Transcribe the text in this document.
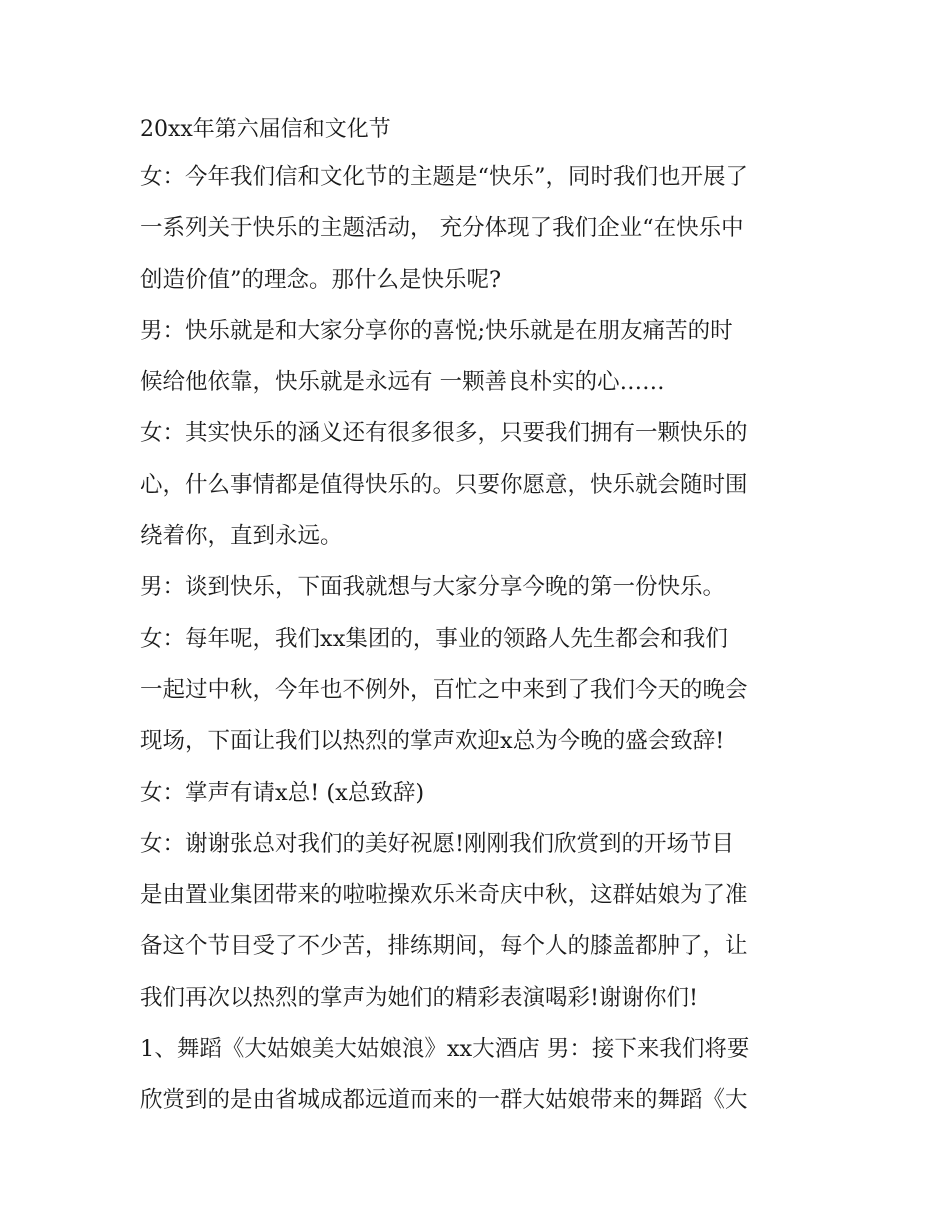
20xx年第六届信和文化节
女：今年我们信和文化节的主题是“快乐”，同时我们也开展了
一系列关于快乐的主题活动， 充分体现了我们企业“在快乐中
创造价值”的理念。那什么是快乐呢?
男：快乐就是和大家分享你的喜悦;快乐就是在朋友痛苦的时
候给他依靠，快乐就是永远有 一颗善良朴实的心……
女：其实快乐的涵义还有很多很多，只要我们拥有一颗快乐的
心，什么事情都是值得快乐的。只要你愿意，快乐就会随时围
绕着你，直到永远。
男：谈到快乐，下面我就想与大家分享今晚的第一份快乐。
女：每年呢，我们xx集团的，事业的领路人先生都会和我们
一起过中秋，今年也不例外，百忙之中来到了我们今天的晚会
现场，下面让我们以热烈的掌声欢迎x总为今晚的盛会致辞!
女：掌声有请x总! (x总致辞)
女：谢谢张总对我们的美好祝愿!刚刚我们欣赏到的开场节目
是由置业集团带来的啦啦操欢乐米奇庆中秋，这群姑娘为了准
备这个节目受了不少苦，排练期间，每个人的膝盖都肿了，让
我们再次以热烈的掌声为她们的精彩表演喝彩!谢谢你们!
1、舞蹈《大姑娘美大姑娘浪》xx大酒店 男：接下来我们将要
欣赏到的是由省城成都远道而来的一群大姑娘带来的舞蹈《大
